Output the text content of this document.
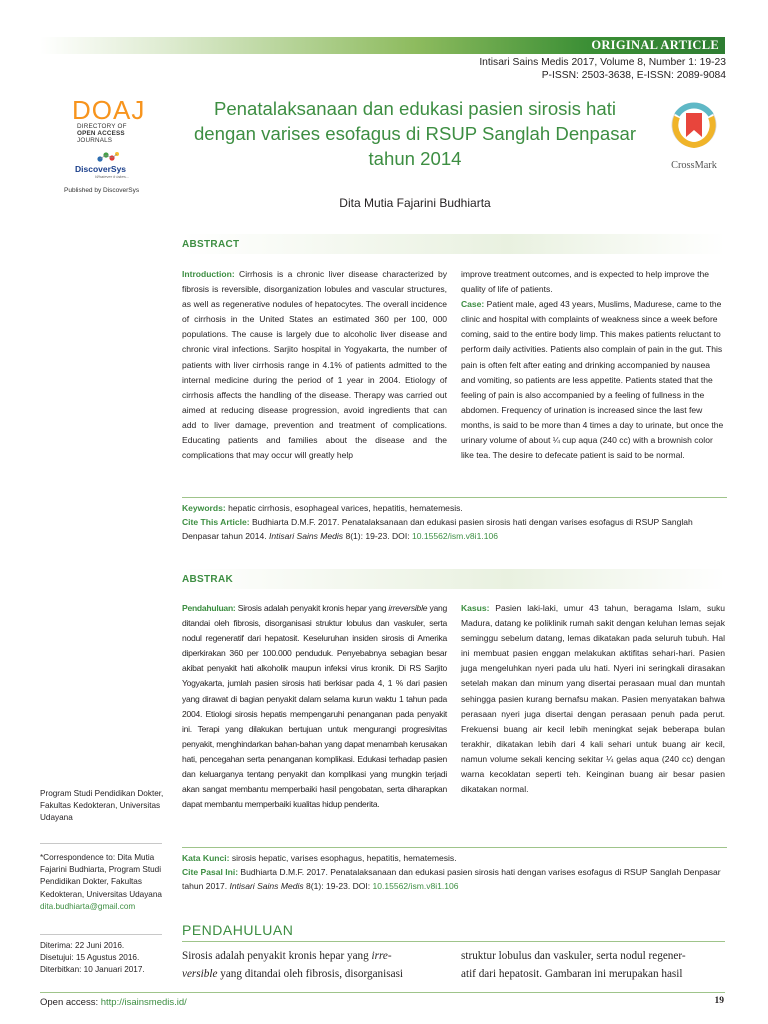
ORIGINAL ARTICLE
Intisari Sains Medis 2017, Volume 8, Number 1: 19-23
P-ISSN: 2503-3638, E-ISSN: 2089-9084
DOAJ
DIRECTORY OF
OPEN ACCESS
JOURNALS
DiscoverSys
Whatever it takes...
Published by DiscoverSys
Penatalaksanaan dan edukasi pasien sirosis hati
dengan varises esofagus di RSUP Sanglah Denpasar
tahun 2014
Dita Mutia Fajarini Budhiarta
CrossMark
ABSTRACT
Introduction: Cirrhosis is a chronic liver disease characterized by fibrosis is reversible, disorganization lobules and vascular structures, as well as regenerative nodules of hepatocytes. The overall incidence of cirrhosis in the United States an estimated 360 per 100, 000 populations. The cause is largely due to alcoholic liver disease and chronic viral infections. Sarjito hospital in Yogyakarta, the number of patients with liver cirrhosis range in 4.1% of patients admitted to the internal medicine during the period of 1 year in 2004. Etiology of cirrhosis affects the handling of the disease. Therapy was carried out aimed at reducing disease progression, avoid ingredients that can add to liver damage, prevention and treatment of complications. Educating patients and families about the disease and the complications that may occur will greatly help
improve treatment outcomes, and is expected to help improve the quality of life of patients.
Case: Patient male, aged 43 years, Muslims, Madurese, came to the clinic and hospital with complaints of weakness since a week before coming, said to the entire body limp. This makes patients reluctant to perform daily activities. Patients also complain of pain in the gut. This pain is often felt after eating and drinking accompanied by nausea and vomiting, so patients are less appetite. Patients stated that the feeling of pain is also accompanied by a feeling of fullness in the abdomen. Frequency of urination is increased since the last few months, is said to be more than 4 times a day to urinate, but once the urinary volume of about ¼ cup aqua (240 cc) with a brownish color like tea. The desire to defecate patient is said to be normal.
Keywords: hepatic cirrhosis, esophageal varices, hepatitis, hematemesis.
Cite This Article: Budhiarta D.M.F. 2017. Penatalaksanaan dan edukasi pasien sirosis hati dengan varises esofagus di RSUP Sanglah Denpasar tahun 2014. Intisari Sains Medis 8(1): 19-23. DOI: 10.15562/ism.v8i1.106
ABSTRAK
Pendahuluan: Sirosis adalah penyakit kronis hepar yang irreversible yang ditandai oleh fibrosis, disorganisasi struktur lobulus dan vaskuler, serta nodul regeneratif dari hepatosit. Keseluruhan insiden sirosis di Amerika diperkirakan 360 per 100.000 penduduk. Penyebabnya sebagian besar akibat penyakit hati alkoholik maupun infeksi virus kronik. Di RS Sarjito Yogyakarta, jumlah pasien sirosis hati berkisar pada 4, 1 % dari pasien yang dirawat di bagian penyakit dalam selama kurun waktu 1 tahun pada 2004. Etiologi sirosis hepatis mempengaruhi penanganan pada penyakit ini. Terapi yang dilakukan bertujuan untuk mengurangi progresivitas penyakit, menghindarkan bahan-bahan yang dapat menambah kerusakan hati, pencegahan serta penanganan komplikasi. Edukasi terhadap pasien dan keluarganya tentang penyakit dan komplikasi yang mungkin terjadi akan sangat membantu memperbaiki hasil pengobatan, serta diharapkan dapat membantu memperbaiki kualitas hidup penderita.
Kasus: Pasien laki-laki, umur 43 tahun, beragama Islam, suku Madura, datang ke poliklinik rumah sakit dengan keluhan lemas sejak seminggu sebelum datang, lemas dikatakan pada seluruh tubuh. Hal ini membuat pasien enggan melakukan aktifitas sehari-hari. Pasien juga mengeluhkan nyeri pada ulu hati. Nyeri ini seringkali dirasakan setelah makan dan minum yang disertai perasaan mual dan muntah sehingga pasien kurang bernafsu makan. Pasien menyatakan bahwa perasaan nyeri juga disertai dengan perasaan penuh pada perut. Frekuensi buang air kecil lebih meningkat sejak beberapa bulan terakhir, dikatakan lebih dari 4 kali sehari untuk buang air kecil, namun volume sekali kencing sekitar ¼ gelas aqua (240 cc) dengan warna kecoklatan seperti teh. Keinginan buang air besar pasien dikatakan normal.
Kata Kunci: sirosis hepatic, varises esophagus, hepatitis, hematemesis.
Cite Pasal Ini: Budhiarta D.M.F. 2017. Penatalaksanaan dan edukasi pasien sirosis hati dengan varises esofagus di RSUP Sanglah Denpasar tahun 2017. Intisari Sains Medis 8(1): 19-23. DOI: 10.15562/ism.v8i1.106
Program Studi Pendidikan Dokter,
Fakultas Kedokteran, Universitas
Udayana
*Correspondence to: Dita Mutia
Fajarini Budhiarta, Program Studi
Pendidikan Dokter, Fakultas
Kedokteran, Universitas Udayana
dita.budhiarta@gmail.com
Diterima: 22 Juni 2016.
Disetujui: 15 Agustus 2016.
Diterbitkan: 10 Januari 2017.
PENDAHULUAN
Sirosis adalah penyakit kronis hepar yang irre-
versible yang ditandai oleh fibrosis, disorganisasi
struktur lobulus dan vaskuler, serta nodul regener-
atif dari hepatosit. Gambaran ini merupakan hasil
Open access: http://isainsmedis.id/	19
